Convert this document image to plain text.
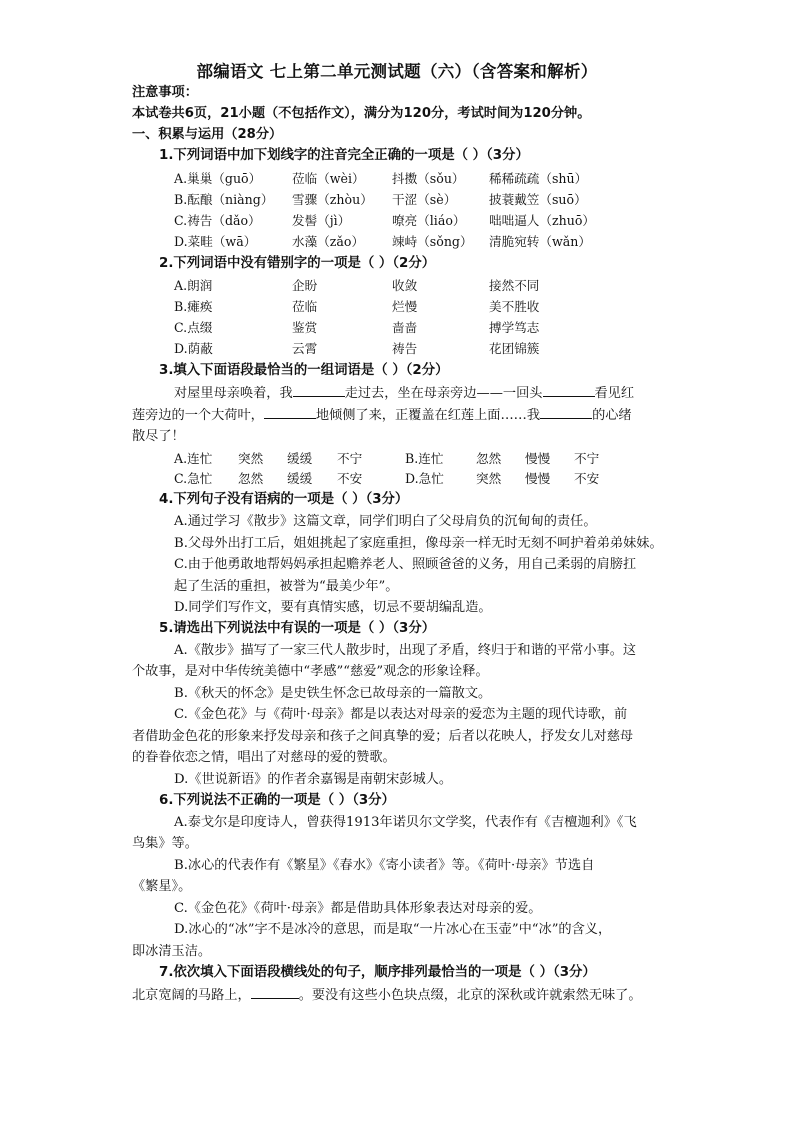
部编语文 七上第二单元测试题（六）（含答案和解析）
注意事项：
本试卷共6页，21小题（不包括作文），满分为120分，考试时间为120分钟。
一、积累与运用（28分）
1.下列词语中加下划线字的注音完全正确的一项是（ ）（3分）
A.巢巢（guō） 莅临（wèi） 抖擞（sǒu） 稀稀疏疏（shū）
B.酝酿（niàng） 雪骤（zhòu） 干涩（sè）	披蓑戴笠（suō）
C.祷告（dǎo） 发髻（jì）	嘹亮（liáo） 咄咄逼人（zhuō）
D.菜畦（wā）	水藻（zǎo） 竦峙（sǒng） 清脆宛转（wǎn）
2.下列词语中没有错别字的一项是（ ）（2分）
A.朗润	企盼	收敛	接然不同
B.瘫痪	莅临	烂慢	美不胜收
C.点缀	鉴赏	啬啬	搏学笃志
D.荫蔽	云霄	祷告	花团锦簇
3.填入下面语段最恰当的一组词语是（ ）（2分）
对屋里母亲唤着，我	走过去，坐在母亲旁边——一回头	看见红
莲旁边的一个大荷叶，	地倾侧了来，正覆盖在红莲上面……我	的心绪
散尽了！
A.连忙 突然 缓缓 不宁	B.连忙	忽然 慢慢 不宁
C.急忙 忽然 缓缓 不安	D.急忙	突然 慢慢 不安
4.下列句子没有语病的一项是（ ）（3分）
A.通过学习《散步》这篇文章，同学们明白了父母肩负的沉甸甸的责任。
B.父母外出打工后，姐姐挑起了家庭重担，像母亲一样无时无刻不呵护着弟弟妹妹。
C.由于他勇敢地帮妈妈承担起赡养老人、照顾爸爸的义务，用自己柔弱的肩膀扛
起了生活的重担，被誉为“最美少年”。
D.同学们写作文，要有真情实感，切忌不要胡编乱造。
5.请选出下列说法中有误的一项是（ ）（3分）
A.《散步》描写了一家三代人散步时，出现了矛盾，终归于和谐的平常小事。这
个故事，是对中华传统美德中“孝感”“慈爱”观念的形象诠释。
B.《秋天的怀念》是史铁生怀念已故母亲的一篇散文。
C.《金色花》与《荷叶·母亲》都是以表达对母亲的爱恋为主题的现代诗歌，前
者借助金色花的形象来抒发母亲和孩子之间真挚的爱；后者以花映人，抒发女儿对慈母
的眷眷依恋之情，唱出了对慈母的爱的赞歌。
D.《世说新语》的作者余嘉锡是南朝宋彭城人。
6.下列说法不正确的一项是（ ）（3分）
A.泰戈尔是印度诗人，曾获得1913年诺贝尔文学奖，代表作有《吉檀迦利》《飞
鸟集》等。
B.冰心的代表作有《繁星》《春水》《寄小读者》等。《荷叶·母亲》节选自
《繁星》。
C.《金色花》《荷叶·母亲》都是借助具体形象表达对母亲的爱。
D.冰心的“冰”字不是冰冷的意思，而是取“一片冰心在玉壶”中“冰”的含义，
即冰清玉洁。
7.依次填入下面语段横线处的句子，顺序排列最恰当的一项是（ ）（3分）
北京宽阔的马路上，	。要没有这些小色块点缀，北京的深秋或许就索然无味了。
